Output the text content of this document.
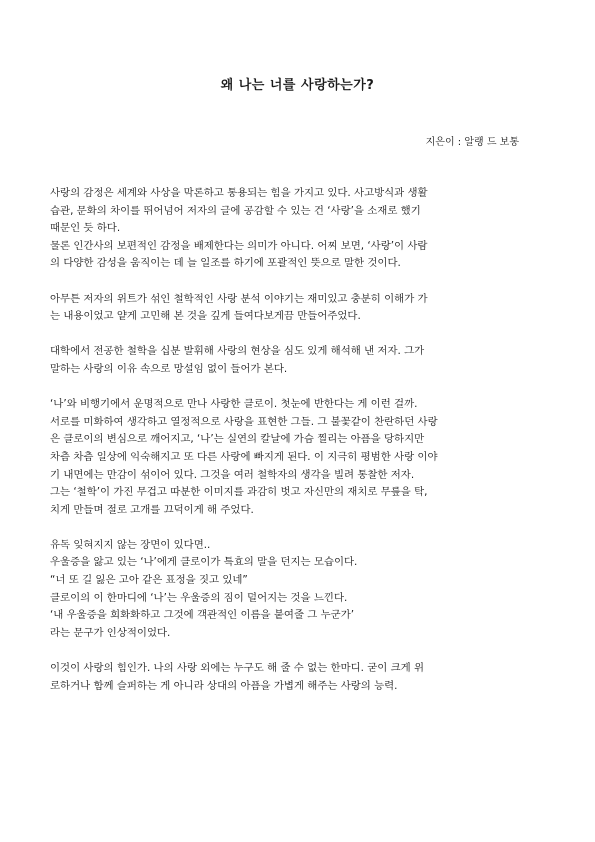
왜 나는 너를 사랑하는가?
지은이 : 알랭 드 보통

사랑의 감정은 세계와 사상을 막론하고 통용되는 힘을 가지고 있다. 사고방식과 생활
습관, 문화의 차이를 뛰어넘어 저자의 글에 공감할 수 있는 건 ‘사랑’을 소재로 했기
때문인 듯 하다.
물론 인간사의 보편적인 감정을 배제한다는 의미가 아니다. 어찌 보면, ‘사랑’이 사람
의 다양한 감성을 움직이는 데 늘 일조를 하기에 포괄적인 뜻으로 말한 것이다.

아무튼 저자의 위트가 섞인 철학적인 사랑 분석 이야기는 재미있고 충분히 이해가 가
는 내용이었고 얕게 고민해 본 것을 깊게 들여다보게끔 만들어주었다.

대학에서 전공한 철학을 십분 발휘해 사랑의 현상을 심도 있게 해석해 낸 저자. 그가
말하는 사랑의 이유 속으로 망설임 없이 들어가 본다.

‘나’와 비행기에서 운명적으로 만나 사랑한 클로이. 첫눈에 반한다는 게 이런 걸까.
서로를 미화하여 생각하고 열정적으로 사랑을 표현한 그들. 그 불꽃같이 찬란하던 사랑
은 클로이의 변심으로 깨어지고, ‘나’는 실연의 칼날에 가슴 찔리는 아픔을 당하지만
차츰 차츰 일상에 익숙해지고 또 다른 사랑에 빠지게 된다. 이 지극히 평범한 사랑 이야
기 내면에는 만감이 섞이어 있다. 그것을 여러 철학자의 생각을 빌려 통찰한 저자.
그는 ‘철학’이 가진 무겁고 따분한 이미지를 과감히 벗고 자신만의 재치로 무릎을 탁,
치게 만들며 절로 고개를 끄덕이게 해 주었다.

유독 잊혀지지 않는 장면이 있다면..
우울증을 앓고 있는 ‘나’에게 클로이가 특효의 말을 던지는 모습이다.
“너 또 길 잃은 고아 같은 표정을 짓고 있네”
클로이의 이 한마디에 ‘나’는 우울증의 짐이 덜어지는 것을 느낀다.
‘내 우울증을 희화화하고 그것에 객관적인 이름을 붙여줄 그 누군가’
라는 문구가 인상적이었다.

이것이 사랑의 힘인가. 나의 사랑 외에는 누구도 해 줄 수 없는 한마디. 굳이 크게 위
로하거나 함께 슬퍼하는 게 아니라 상대의 아픔을 가볍게 해주는 사랑의 능력.
